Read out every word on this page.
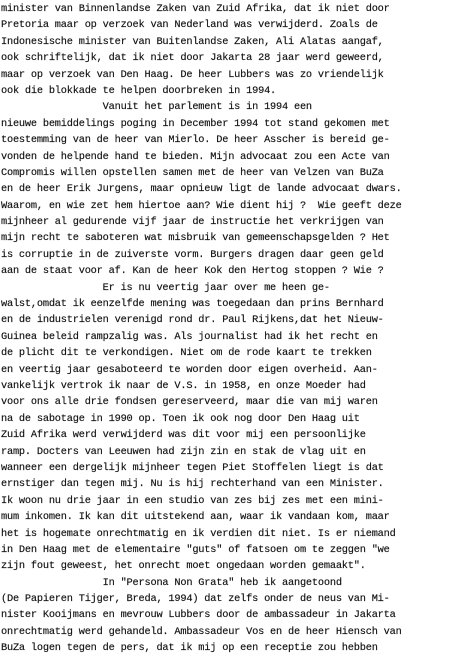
minister van Binnenlandse Zaken van Zuid Afrika, dat ik niet door
Pretoria maar op verzoek van Nederland was verwijderd. Zoals de
Indonesische minister van Buitenlandse Zaken, Ali Alatas aangaf,
ook schriftelijk, dat ik niet door Jakarta 28 jaar werd geweerd,
maar op verzoek van Den Haag. De heer Lubbers was zo vriendelijk
ook die blokkade te helpen doorbreken in 1994.
Vanuit het parlement is in 1994 een
nieuwe bemiddelings poging in December 1994 tot stand gekomen met
toestemming van de heer van Mierlo. De heer Asscher is bereid ge-
vonden de helpende hand te bieden. Mijn advocaat zou een Acte van
Compromis willen opstellen samen met de heer van Velzen van BuZa
en de heer Erik Jurgens, maar opnieuw ligt de lande advocaat dwars.
Waarom, en wie zet hem hiertoe aan? Wie dient hij ?  Wie geeft deze
mijnheer al gedurende vijf jaar de instructie het verkrijgen van
mijn recht te saboteren wat misbruik van gemeenschapsgelden ? Het
is corruptie in de zuiverste vorm. Burgers dragen daar geen geld
aan de staat voor af. Kan de heer Kok den Hertog stoppen ? Wie ?
Er is nu veertig jaar over me heen ge-
walst,omdat ik eenzelfde mening was toegedaan dan prins Bernhard
en de industrielen verenigd rond dr. Paul Rijkens,dat het Nieuw-
Guinea beleid rampzalig was. Als journalist had ik het recht en
de plicht dit te verkondigen. Niet om de rode kaart te trekken
en veertig jaar gesaboteerd te worden door eigen overheid. Aan-
vankelijk vertrok ik naar de V.S. in 1958, en onze Moeder had
voor ons alle drie fondsen gereserveerd, maar die van mij waren
na de sabotage in 1990 op. Toen ik ook nog door Den Haag uit
Zuid Afrika werd verwijderd was dit voor mij een persoonlijke
ramp. Docters van Leeuwen had zijn zin en stak de vlag uit en
wanneer een dergelijk mijnheer tegen Piet Stoffelen liegt is dat
ernstiger dan tegen mij. Nu is hij rechterhand van een Minister.
Ik woon nu drie jaar in een studio van zes bij zes met een mini-
mum inkomen. Ik kan dit uitstekend aan, waar ik vandaan kom, maar
het is hogemate onrechtmatig en ik verdien dit niet. Is er niemand
in Den Haag met de elementaire "guts" of fatsoen om te zeggen "we
zijn fout geweest, het onrecht moet ongedaan worden gemaakt".
In "Persona Non Grata" heb ik aangetoond
(De Papieren Tijger, Breda, 1994) dat zelfs onder de neus van Mi-
nister Kooijmans en mevrouw Lubbers door de ambassadeur in Jakarta
onrechtmatig werd gehandeld. Ambassadeur Vos en de heer Hiensch van
BuZa logen tegen de pers, dat ik mij op een receptie zou hebben
